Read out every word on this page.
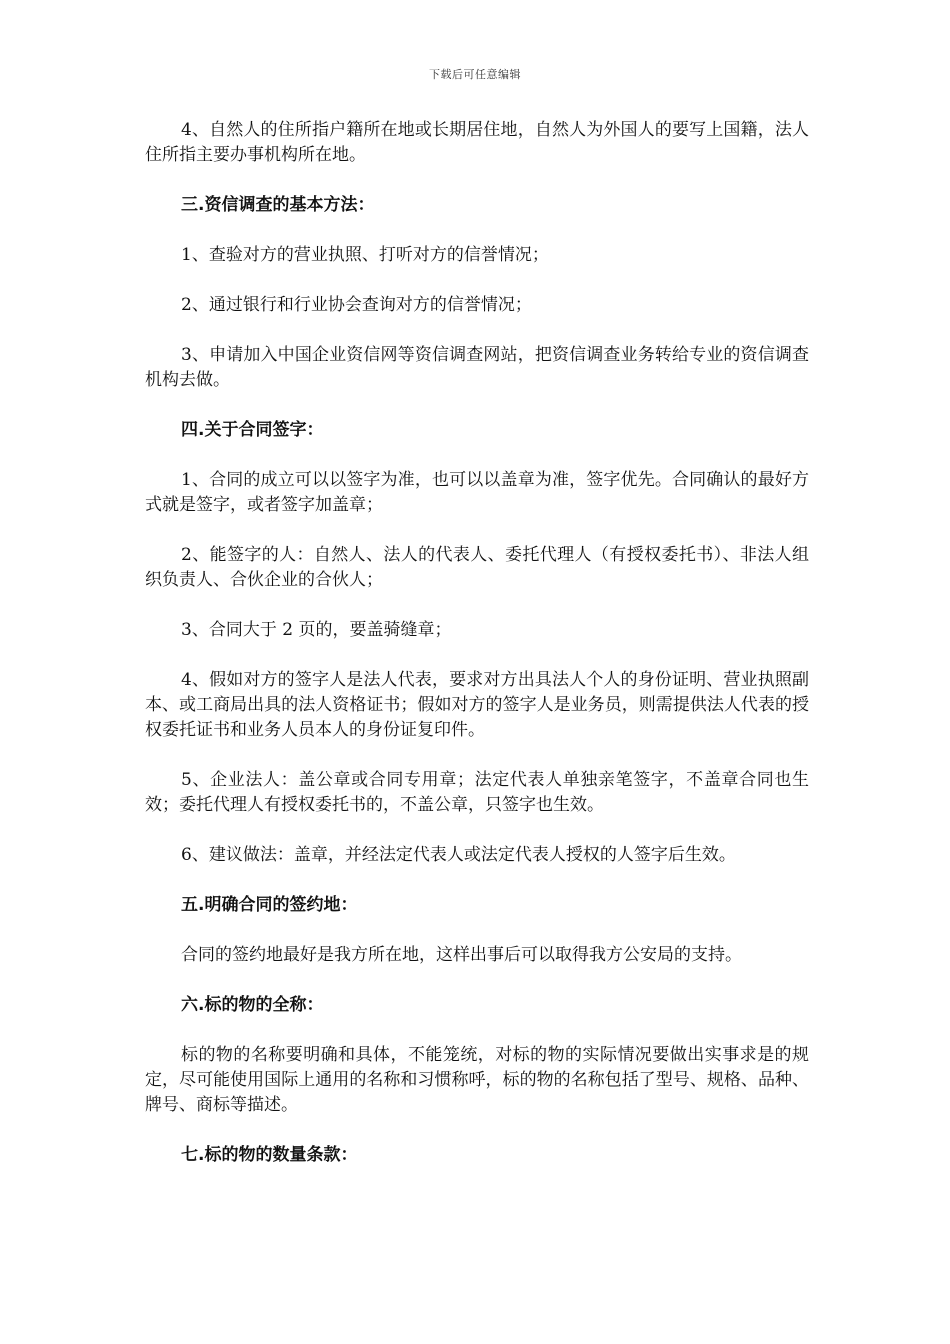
下载后可任意编辑

4、自然人的住所指户籍所在地或长期居住地，自然人为外国人的要写上国籍，法人住所指主要办事机构所在地。

三.资信调查的基本方法：

1、查验对方的营业执照、打听对方的信誉情况；

2、通过银行和行业协会查询对方的信誉情况；

3、申请加入中国企业资信网等资信调查网站，把资信调查业务转给专业的资信调查机构去做。

四.关于合同签字：

1、合同的成立可以以签字为准，也可以以盖章为准，签字优先。合同确认的最好方式就是签字，或者签字加盖章；

2、能签字的人：自然人、法人的代表人、委托代理人（有授权委托书）、非法人组织负责人、合伙企业的合伙人；

3、合同大于 2 页的，要盖骑缝章；

4、假如对方的签字人是法人代表，要求对方出具法人个人的身份证明、营业执照副本、或工商局出具的法人资格证书；假如对方的签字人是业务员，则需提供法人代表的授权委托证书和业务人员本人的身份证复印件。

5、企业法人：盖公章或合同专用章；法定代表人单独亲笔签字，不盖章合同也生效；委托代理人有授权委托书的，不盖公章，只签字也生效。

6、建议做法：盖章，并经法定代表人或法定代表人授权的人签字后生效。

五.明确合同的签约地：

合同的签约地最好是我方所在地，这样出事后可以取得我方公安局的支持。

六.标的物的全称：

标的物的名称要明确和具体，不能笼统，对标的物的实际情况要做出实事求是的规定，尽可能使用国际上通用的名称和习惯称呼，标的物的名称包括了型号、规格、品种、牌号、商标等描述。

七.标的物的数量条款：
